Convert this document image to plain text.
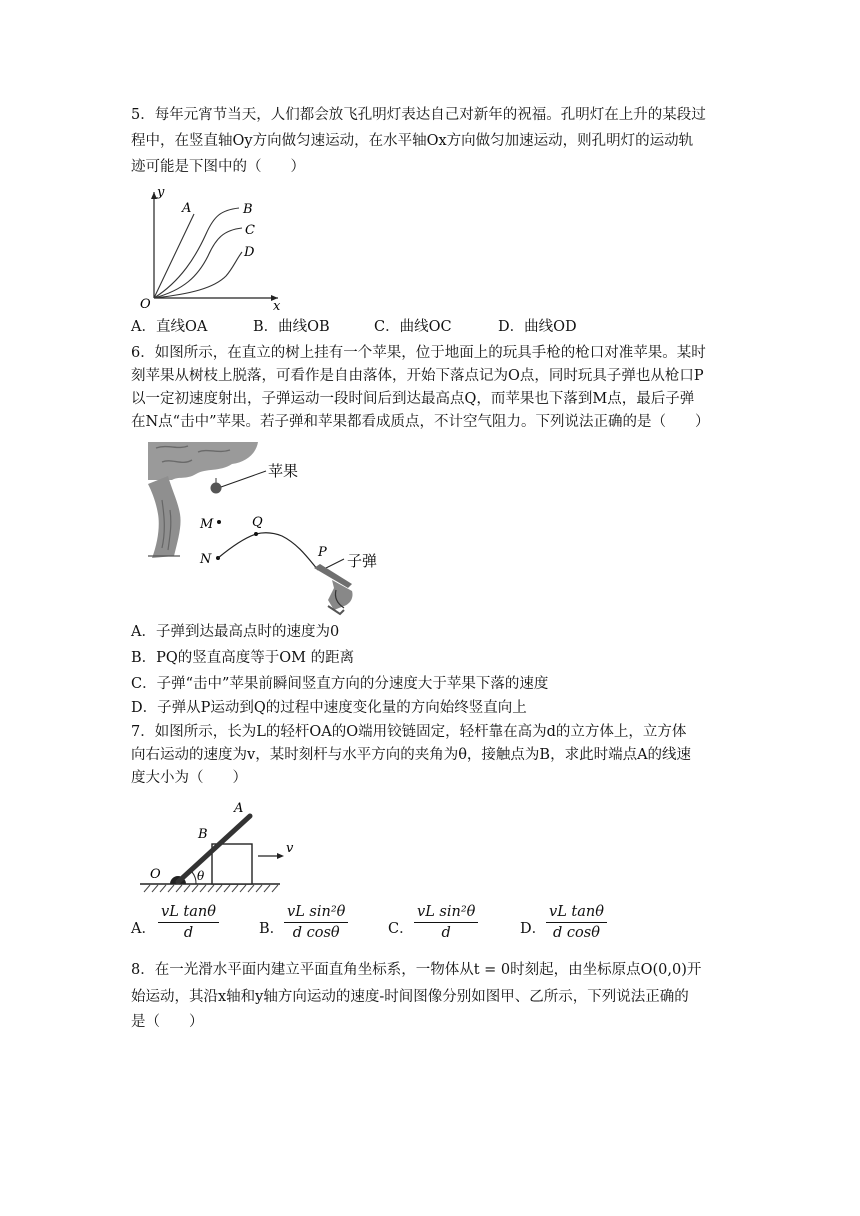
5．每年元宵节当天，人们都会放飞孔明灯表达自己对新年的祝福。孔明灯在上升的某段过
程中，在竖直轴Oy方向做匀速运动，在水平轴Ox方向做匀加速运动，则孔明灯的运动轨
迹可能是下图中的（　　）
y
x
O
A	B
C
D
A．直线OA	B．曲线OB	C．曲线OC	D．曲线OD
6．如图所示，在直立的树上挂有一个苹果，位于地面上的玩具手枪的枪口对准苹果。某时
刻苹果从树枝上脱落，可看作是自由落体，开始下落点记为O点，同时玩具子弹也从枪口P
以一定初速度射出，子弹运动一段时间后到达最高点Q，而苹果也下落到M点，最后子弹
在N点“击中”苹果。若子弹和苹果都看成质点，不计空气阻力。下列说法正确的是（　　）
苹果
M
N
Q
P 子弹
A．子弹到达最高点时的速度为0
B．PQ的竖直高度等于OM 的距离
C．子弹“击中”苹果前瞬间竖直方向的分速度大于苹果下落的速度
D．子弹从P运动到Q的过程中速度变化量的方向始终竖直向上
7．如图所示，长为L的轻杆OA的O端用铰链固定，轻杆靠在高为d的立方体上，立方体
向右运动的速度为v，某时刻杆与水平方向的夹角为θ，接触点为B，求此时端点A的线速
度大小为（　　）
θ
O
B
A
v
A． $\frac{\text{vL tanθ}}{d}$	B． $\frac{\text{vL sin²θ}}{\text{d cosθ}}$	C． $\frac{\text{vL sin²θ}}{d}$	D． $\frac{\text{vL tanθ}}{\text{d cosθ}}$
8．在一光滑水平面内建立平面直角坐标系，一物体从t = 0时刻起，由坐标原点O(0,0)开
始运动，其沿x轴和y轴方向运动的速度-时间图像分别如图甲、乙所示，下列说法正确的
是（　　）
